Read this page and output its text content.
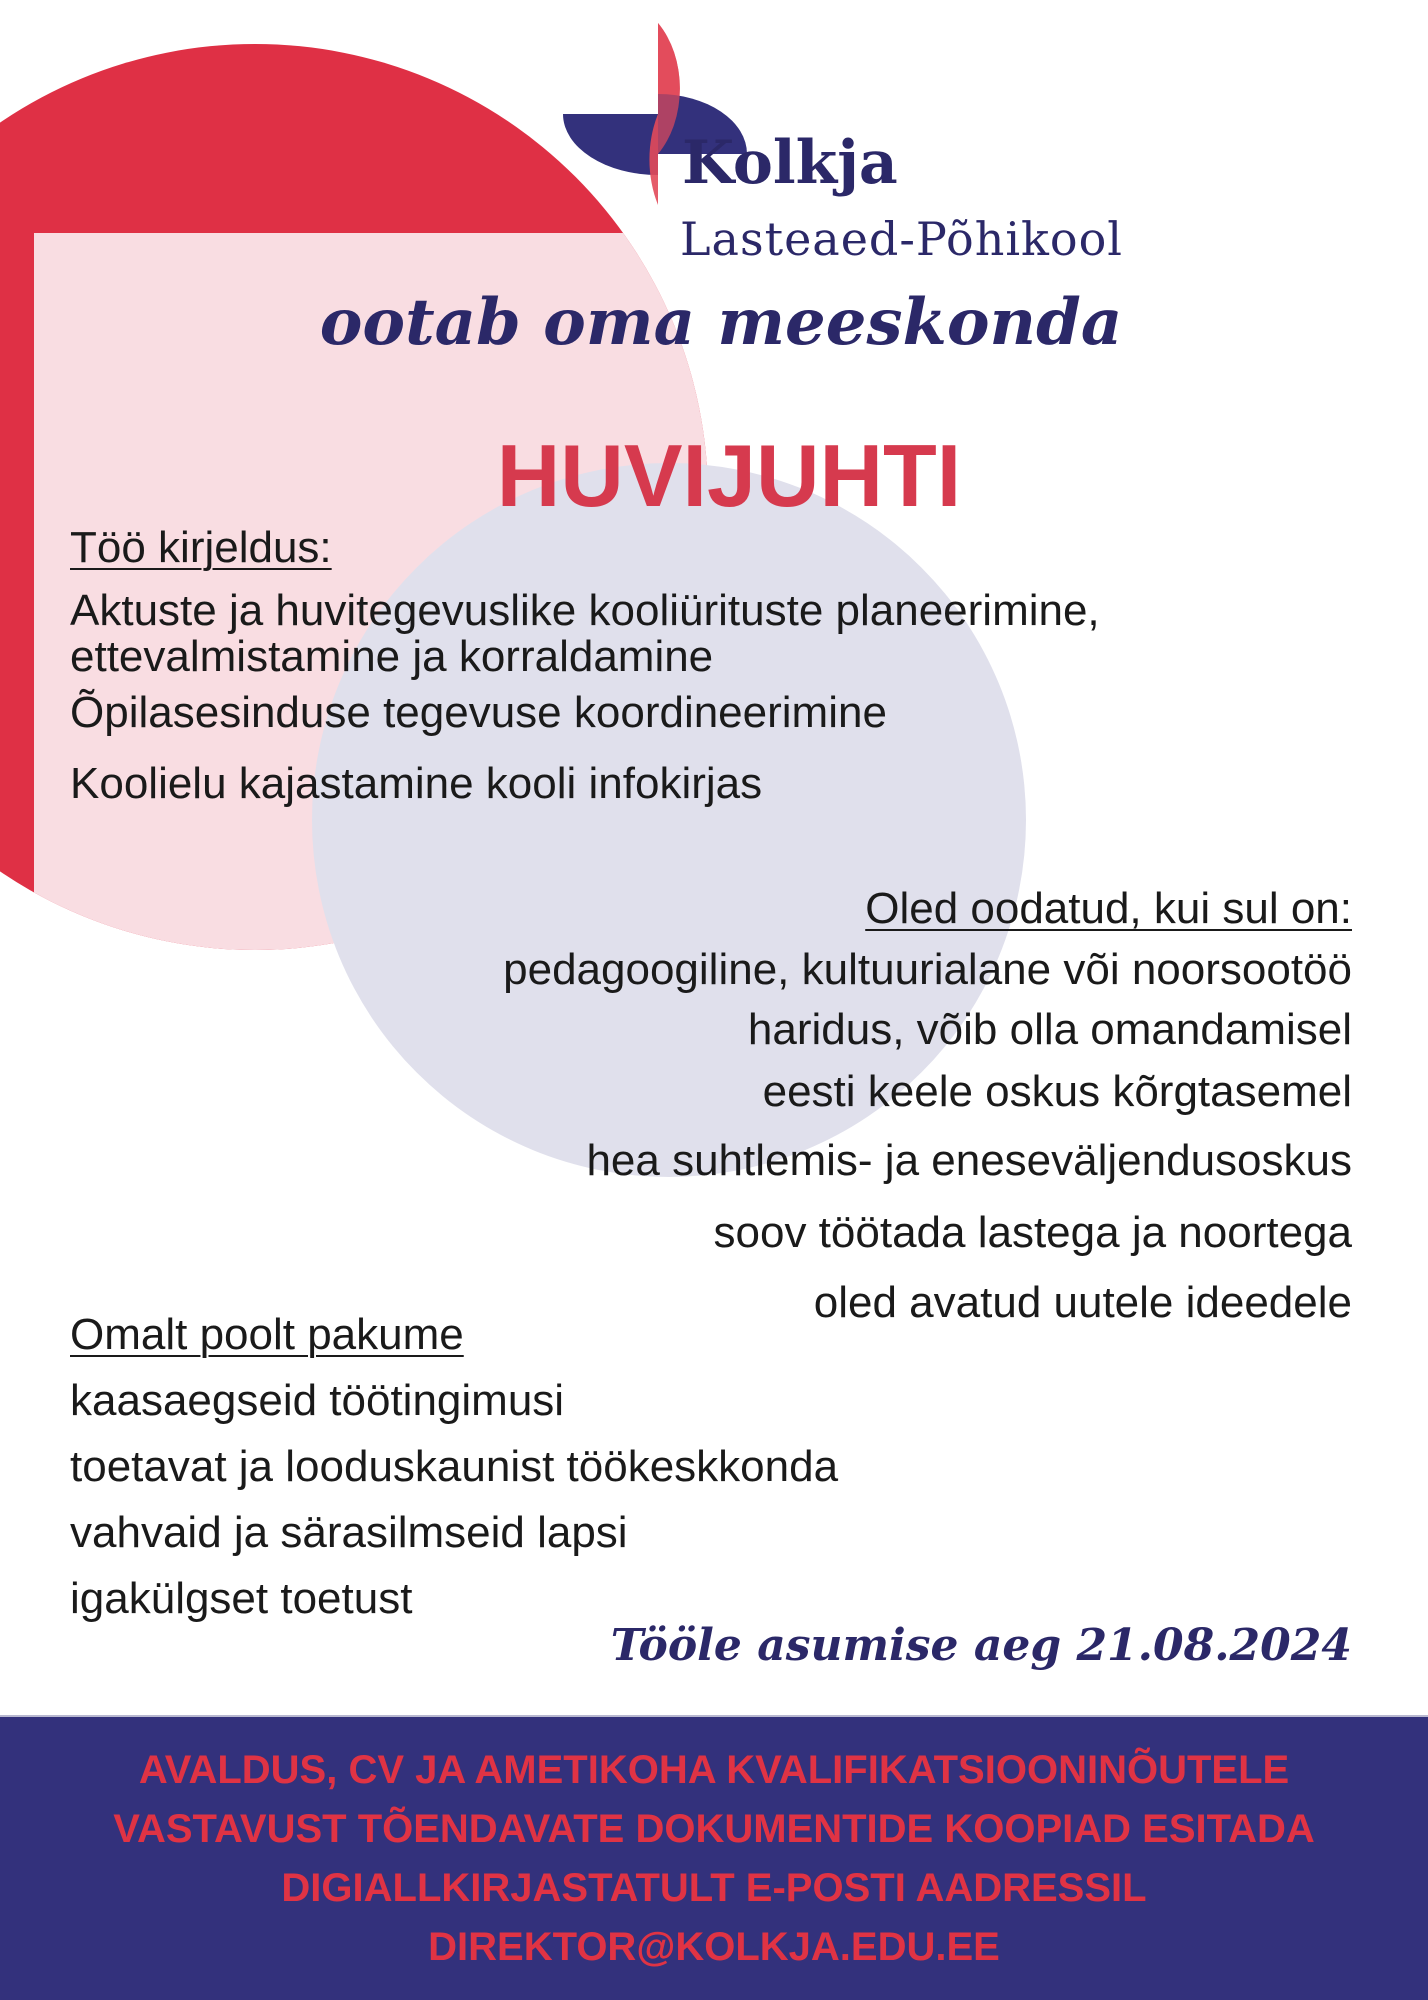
Kolkja
Lasteaed-Põhikool
ootab oma meeskonda
HUVIJUHTI
Töö kirjeldus:
Aktuste ja huvitegevuslike kooliürituste planeerimine,
ettevalmistamine ja korraldamine
Õpilasesinduse tegevuse koordineerimine
Koolielu kajastamine kooli infokirjas
Oled oodatud, kui sul on:
pedagoogiline, kultuurialane või noorsootöö
haridus, võib olla omandamisel
eesti keele oskus kõrgtasemel
hea suhtlemis- ja eneseväljendusoskus
soov töötada lastega ja noortega
oled avatud uutele ideedele
Omalt poolt pakume
kaasaegseid töötingimusi
toetavat ja looduskaunist töökeskkonda
vahvaid ja särasilmseid lapsi
igakülgset toetust
Tööle asumise aeg 21.08.2024
AVALDUS, CV JA AMETIKOHA KVALIFIKATSIOONINÕUTELE
VASTAVUST TÕENDAVATE DOKUMENTIDE KOOPIAD ESITADA
DIGIALLKIRJASTATULT E-POSTI AADRESSIL
DIREKTOR@KOLKJA.EDU.EE
